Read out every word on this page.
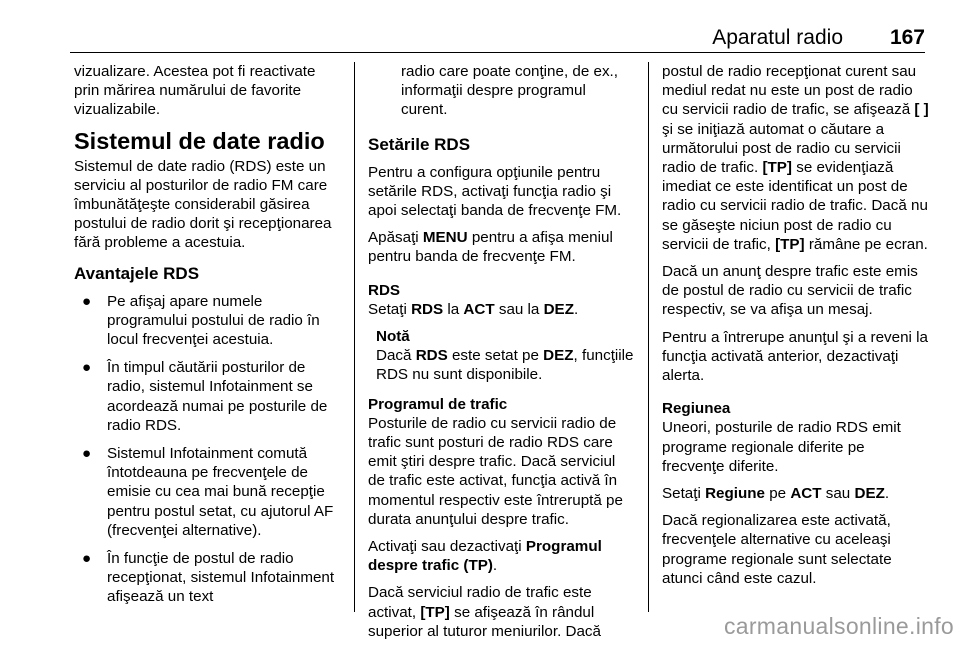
Aparatul radio 167

vizualizare. Acestea pot fi reactivate prin mărirea numărului de favorite vizualizabile.

Sistemul de date radio

Sistemul de date radio (RDS) este un serviciu al posturilor de radio FM care îmbunătăţeşte considerabil găsirea postului de radio dorit şi recepţionarea fără probleme a acestuia.

Avantajele RDS
● Pe afişaj apare numele programului postului de radio în locul frecvenţei acestuia.
● În timpul căutării posturilor de radio, sistemul Infotainment se acordează numai pe posturile de radio RDS.
● Sistemul Infotainment comută întotdeauna pe frecvenţele de emisie cu cea mai bună recepţie pentru postul setat, cu ajutorul AF (frecvenţei alternative).
● În funcţie de postul de radio recepţionat, sistemul Infotainment afişează un text

radio care poate conţine, de ex., informaţii despre programul curent.

Setările RDS

Pentru a configura opţiunile pentru setările RDS, activaţi funcţia radio şi apoi selectaţi banda de frecvenţe FM.

Apăsaţi MENU pentru a afişa meniul pentru banda de frecvenţe FM.

RDS

Setaţi RDS la ACT sau la DEZ.

Notă
Dacă RDS este setat pe DEZ, funcţiile RDS nu sunt disponibile.
Programul de trafic

Posturile de radio cu servicii radio de trafic sunt posturi de radio RDS care emit ştiri despre trafic. Dacă serviciul de trafic este activat, funcţia activă în momentul respectiv este întreruptă pe durata anunţului despre trafic.

Activaţi sau dezactivaţi Programul despre trafic (TP).

Dacă serviciul radio de trafic este activat, [TP] se afişează în rândul superior al tuturor meniurilor. Dacă

postul de radio recepţionat curent sau mediul redat nu este un post de radio cu servicii radio de trafic, se afişează [ ] şi se iniţiază automat o căutare a următorului post de radio cu servicii radio de trafic. [TP] se evidenţiază imediat ce este identificat un post de radio cu servicii radio de trafic. Dacă nu se găseşte niciun post de radio cu servicii de trafic, [TP] rămâne pe ecran.

Dacă un anunţ despre trafic este emis de postul de radio cu servicii de trafic respectiv, se va afişa un mesaj.

Pentru a întrerupe anunţul şi a reveni la funcţia activată anterior, dezactivaţi alerta.

Regiunea

Uneori, posturile de radio RDS emit programe regionale diferite pe frecvenţe diferite.

Setaţi Regiune pe ACT sau DEZ.

Dacă regionalizarea este activată, frecvenţele alternative cu aceleaşi programe regionale sunt selectate atunci când este cazul.

carmanualsonline.info
